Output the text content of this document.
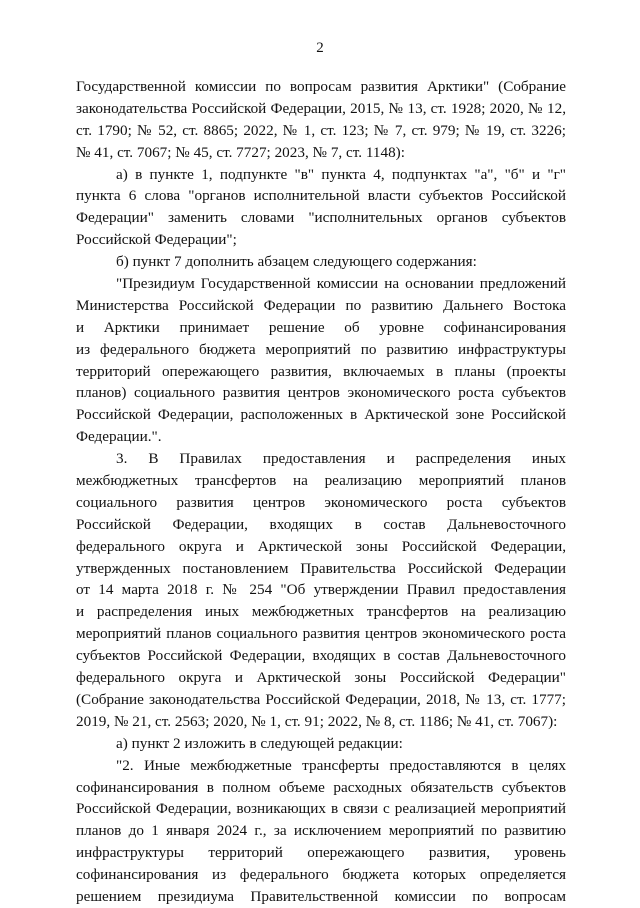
2
Государственной комиссии по вопросам развития Арктики" (Собрание
законодательства Российской Федерации, 2015, № 13, ст. 1928; 2020, № 12,
ст. 1790; № 52, ст. 8865; 2022, № 1, ст. 123; № 7, ст. 979; № 19, ст. 3226;
№ 41, ст. 7067; № 45, ст. 7727; 2023, № 7, ст. 1148):
а) в пункте 1, подпункте "в" пункта 4, подпунктах "а", "б" и "г"
пункта 6 слова "органов исполнительной власти субъектов Российской
Федерации" заменить словами "исполнительных органов субъектов
Российской Федерации";
б) пункт 7 дополнить абзацем следующего содержания:
"Президиум Государственной комиссии на основании предложений
Министерства Российской Федерации по развитию Дальнего Востока
и Арктики принимает решение об уровне софинансирования
из федерального бюджета мероприятий по развитию инфраструктуры
территорий опережающего развития, включаемых в планы (проекты
планов) социального развития центров экономического роста субъектов
Российской Федерации, расположенных в Арктической зоне Российской
Федерации.".
3. В Правилах предоставления и распределения иных
межбюджетных трансфертов на реализацию мероприятий планов
социального развития центров экономического роста субъектов
Российской Федерации, входящих в состав Дальневосточного
федерального округа и Арктической зоны Российской Федерации,
утвержденных постановлением Правительства Российской Федерации
от 14 марта 2018 г. № 254 "Об утверждении Правил предоставления
и распределения иных межбюджетных трансфертов на реализацию
мероприятий планов социального развития центров экономического роста
субъектов Российской Федерации, входящих в состав Дальневосточного
федерального округа и Арктической зоны Российской Федерации"
(Собрание законодательства Российской Федерации, 2018, № 13, ст. 1777;
2019, № 21, ст. 2563; 2020, № 1, ст. 91; 2022, № 8, ст. 1186; № 41, ст. 7067):
а) пункт 2 изложить в следующей редакции:
"2. Иные межбюджетные трансферты предоставляются в целях
софинансирования в полном объеме расходных обязательств субъектов
Российской Федерации, возникающих в связи с реализацией мероприятий
планов до 1 января 2024 г., за исключением мероприятий по развитию
инфраструктуры территорий опережающего развития, уровень
софинансирования из федерального бюджета которых определяется
решением президиума Правительственной комиссии по вопросам
